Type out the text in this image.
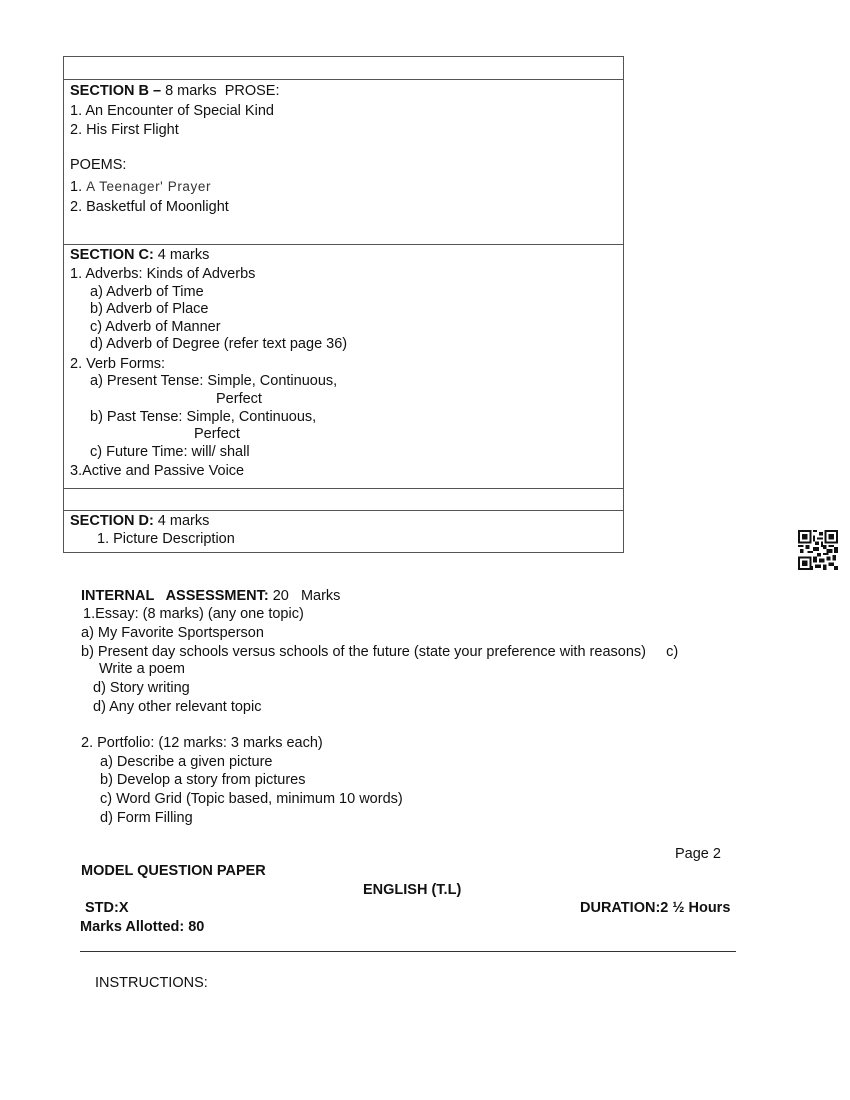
SECTION B – 8 marks PROSE:
1. An Encounter of Special Kind
2. His First Flight
POEMS:
1. A Teenager' Prayer
2. Basketful of Moonlight
SECTION C: 4 marks
1. Adverbs: Kinds of Adverbs
a) Adverb of Time
b) Adverb of Place
c) Adverb of Manner
d) Adverb of Degree (refer text page 36)
2. Verb Forms:
a) Present Tense: Simple, Continuous,
Perfect
b) Past Tense: Simple, Continuous,
Perfect
c) Future Time: will/ shall
3.Active and Passive Voice
SECTION D: 4 marks
1. Picture Description
INTERNAL   ASSESSMENT: 20   Marks
1.Essay: (8 marks) (any one topic)
a) My Favorite Sportsperson
b) Present day schools versus schools of the future (state your preference with reasons)     c)
Write a poem
d) Story writing
d) Any other relevant topic
2. Portfolio: (12 marks: 3 marks each)
a) Describe a given picture
b) Develop a story from pictures
c) Word Grid (Topic based, minimum 10 words)
d) Form Filling
Page 2
MODEL QUESTION PAPER
ENGLISH (T.L)
STD:X	DURATION:2 ½ Hours
Marks Allotted: 80
INSTRUCTIONS:
